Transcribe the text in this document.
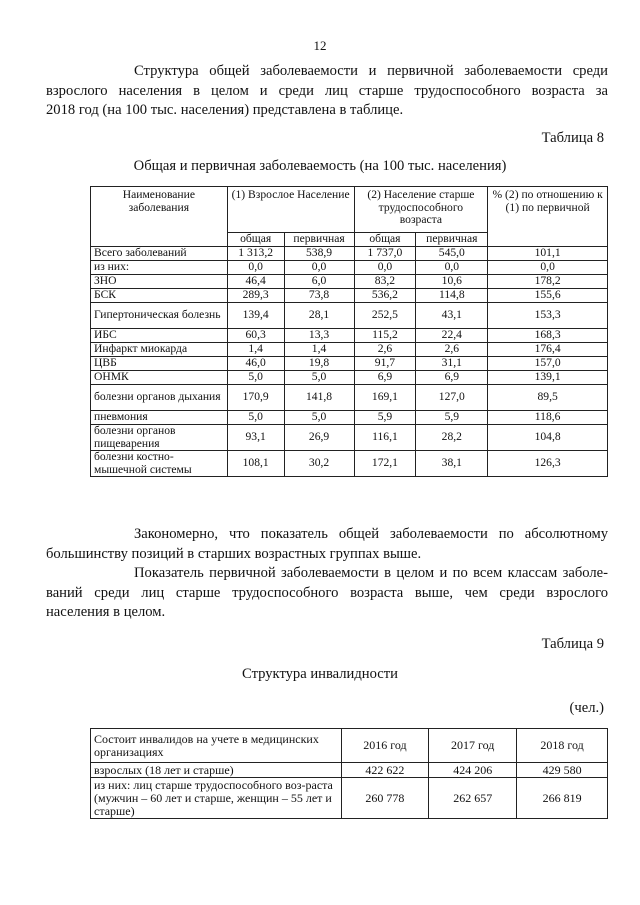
12
Структура общей заболеваемости и первичной заболеваемости среди
взрослого населения в целом и среди лиц старше трудоспособного возраста за
2018 год (на 100 тыс. населения) представлена в таблице.
Таблица 8
Общая и первичная заболеваемость (на 100 тыс. населения)
Наименование заболевания	(1) Взрослое Население		(2) Население старше трудоспособного возраста		% (2) по отношению к (1) по первичной
	общая	первичная	общая	первичная	
Всего заболеваний	1 313,2	538,9	1 737,0	545,0	101,1
из них:	0,0	0,0	0,0	0,0	0,0
ЗНО	46,4	6,0	83,2	10,6	178,2
БСК	289,3	73,8	536,2	114,8	155,6
Гипертоническая болезнь	139,4	28,1	252,5	43,1	153,3
ИБС	60,3	13,3	115,2	22,4	168,3
Инфаркт миокарда	1,4	1,4	2,6	2,6	176,4
ЦВБ	46,0	19,8	91,7	31,1	157,0
ОНМК	5,0	5,0	6,9	6,9	139,1
болезни органов дыхания	170,9	141,8	169,1	127,0	89,5
пневмония	5,0	5,0	5,9	5,9	118,6
болезни органов пищеварения	93,1	26,9	116,1	28,2	104,8
болезни костно-мышечной системы	108,1	30,2	172,1	38,1	126,3
Закономерно, что показатель общей заболеваемости по абсолютному
большинству позиций в старших возрастных группах выше.
Показатель первичной заболеваемости в целом и по всем классам заболе-
ваний среди лиц старше трудоспособного возраста выше, чем среди взрослого
населения в целом.
Таблица 9
Структура инвалидности
(чел.)
Состоит инвалидов на учете в медицинских организациях	2016 год	2017 год	2018 год
взрослых (18 лет и старше)	422 622	424 206	429 580
из них: лиц старше трудоспособного воз-раста (мужчин – 60 лет и старше, женщин – 55 лет и старше)	260 778	262 657	266 819
